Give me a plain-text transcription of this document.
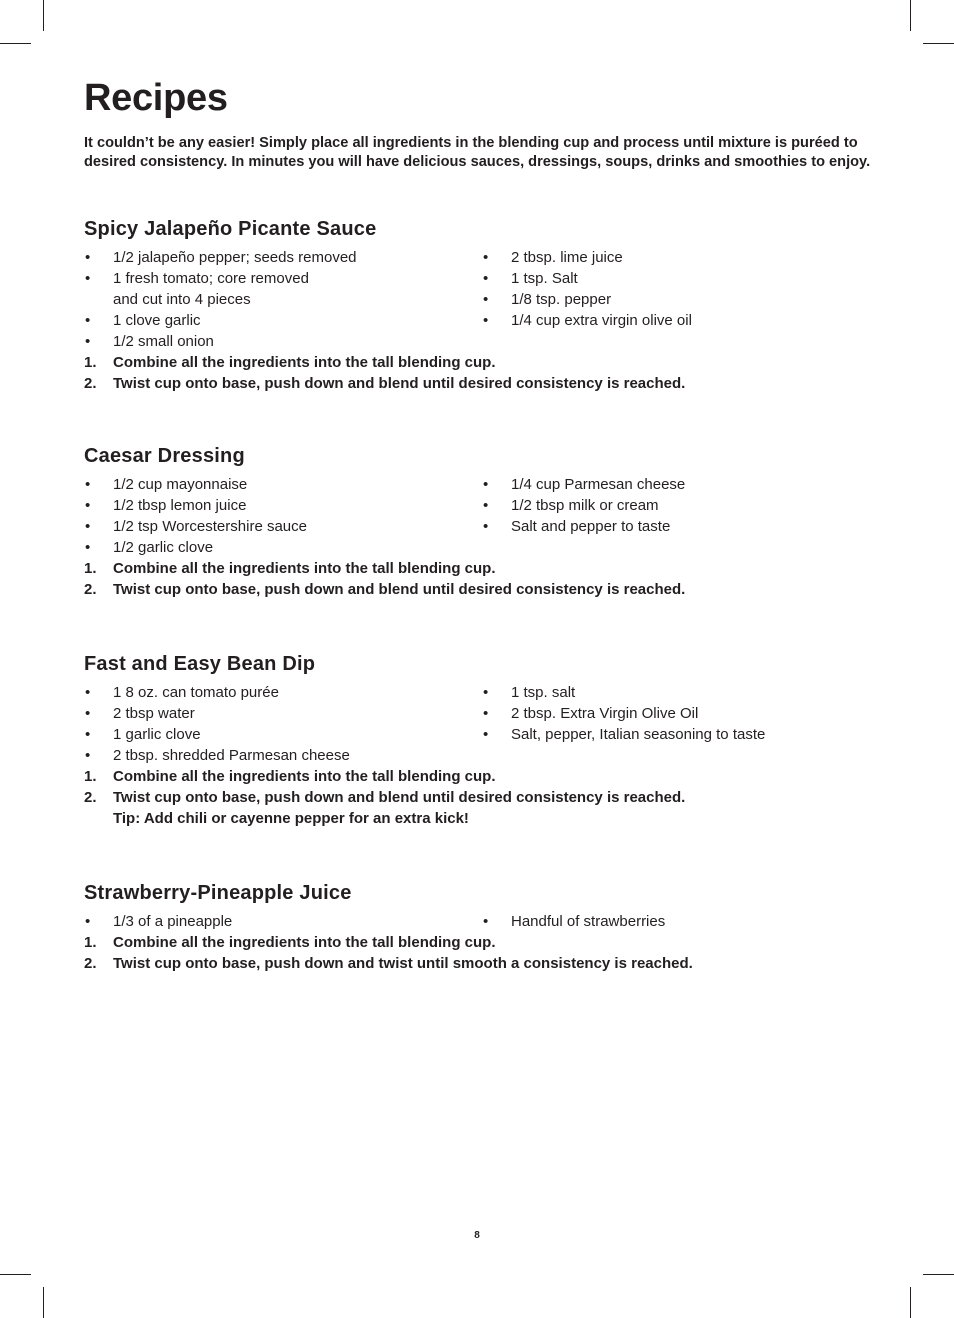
Recipes

It couldn’t be any easier! Simply place all ingredients in the blending cup and process until mixture is puréed to desired consistency. In minutes you will have delicious sauces, dressings, soups, drinks and smoothies to enjoy.

Spicy Jalapeño Picante Sauce
• 1/2 jalapeño pepper; seeds removed
• 1 fresh tomato; core removed
and cut into 4 pieces
• 1 clove garlic
• 1/2 small onion
• 2 tbsp. lime juice
• 1 tsp. Salt
• 1/8 tsp. pepper
• 1/4 cup extra virgin olive oil
1. Combine all the ingredients into the tall blending cup.
2. Twist cup onto base, push down and blend until desired consistency is reached.
Caesar Dressing
• 1/2 cup mayonnaise
• 1/2 tbsp lemon juice
• 1/2 tsp Worcestershire sauce
• 1/2 garlic clove
• 1/4 cup Parmesan cheese
• 1/2 tbsp milk or cream
• Salt and pepper to taste
1. Combine all the ingredients into the tall blending cup.
2. Twist cup onto base, push down and blend until desired consistency is reached.
Fast and Easy Bean Dip
• 1 8 oz. can tomato purée
• 2 tbsp water
• 1 garlic clove
• 2 tbsp. shredded Parmesan cheese
• 1 tsp. salt
• 2 tbsp. Extra Virgin Olive Oil
• Salt, pepper, Italian seasoning to taste
1. Combine all the ingredients into the tall blending cup.
2. Twist cup onto base, push down and blend until desired consistency is reached.
Tip: Add chili or cayenne pepper for an extra kick!
Strawberry-Pineapple Juice
• 1/3 of a pineapple	• Handful of strawberries
1. Combine all the ingredients into the tall blending cup.
2. Twist cup onto base, push down and twist until smooth a consistency is reached.
8
